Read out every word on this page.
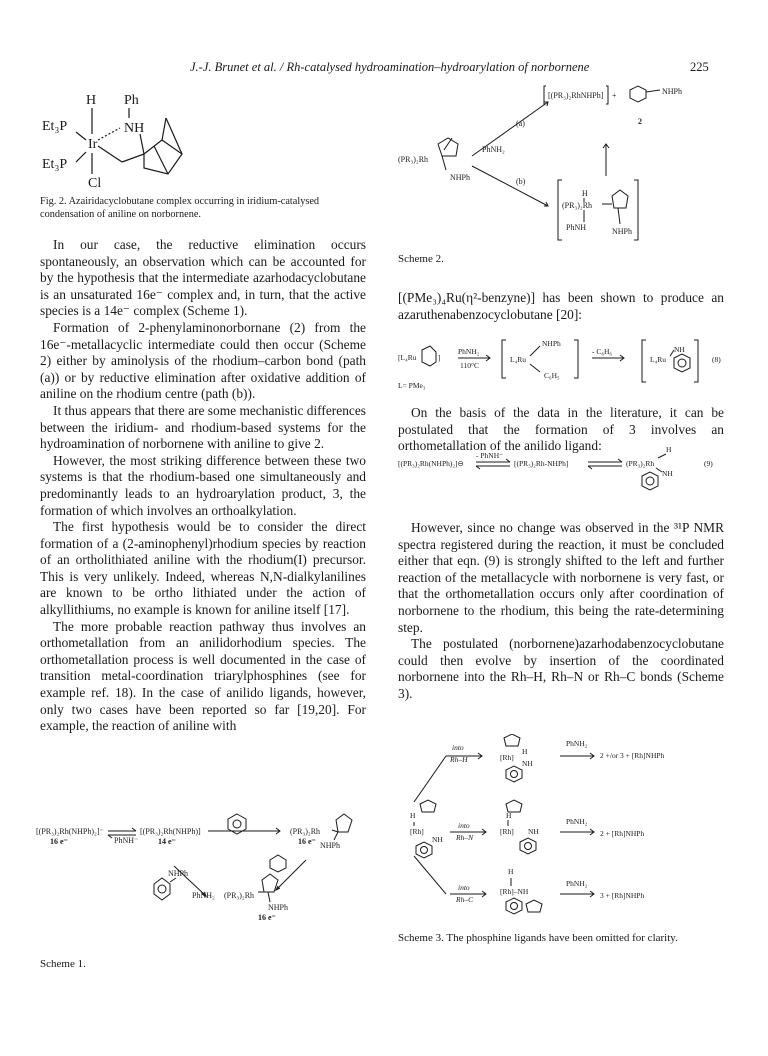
J.-J. Brunet et al. / Rh-catalysed hydroamination–hydroarylation of norbornene	225
H Ph
Et₃P	NH
Ir
Et₃P
Cl
Fig. 2. Azairidacyclobutane complex occurring in iridium-catalysed condensation of aniline on norbornene.

In our case, the reductive elimination occurs spontaneously, an observation which can be accounted for by the hypothesis that the intermediate azarhodacyclobutane is an unsaturated 16e⁻ complex and, in turn, that the active species is a 14e⁻ complex (Scheme 1).

Formation of 2-phenylaminonorbornane (2) from the 16e⁻-metallacyclic intermediate could then occur (Scheme 2) either by aminolysis of the rhodium–carbon bond (path (a)) or by reductive elimination after oxidative addition of aniline on the rhodium centre (path (b)).

It thus appears that there are some mechanistic differences between the iridium- and rhodium-based systems for the hydroamination of norbornene with aniline to give 2.

However, the most striking difference between these two systems is that the rhodium-based one simultaneously and predominantly leads to an hydroarylation product, 3, the formation of which involves an orthoalkylation.

The first hypothesis would be to consider the direct formation of a (2-aminophenyl)rhodium species by reaction of an ortholithiated aniline with the rhodium(I) precursor. This is very unlikely. Indeed, whereas N,N-dialkylanilines are known to be ortho lithiated under the action of alkyllithiums, no example is known for aniline itself [17].

The more probable reaction pathway thus involves an orthometallation from an anilidorhodium species. The orthometallation process is well documented in the case of transition metal-coordination triarylphosphines (see for example ref. 18). In the case of anilido ligands, however, only two cases have been reported so far [19,20]. For example, the reaction of aniline with

[(PR₃)₂Rh(NHPh)₂]⁻
16 e⁻	PhNH⁻
[(PR₃)₂Rh(NHPh)]
14 e⁻
(PR₃)₂Rh
NHPh
16 e⁻
NHPh
PhNH₂ (PR₃)₂Rh
NHPh
16 e⁻
Scheme 1.
(PR₃)₂Rh
NHPh
PhNH₂
(a)
(b)
[(PR₃)₂RhNHPh] +	NHPh
2
H
(PR₃)₂Rh
PhNH	NHPh
Scheme 2.

[(PMe₃)₄Ru(η²-benzyne)] has been shown to produce an azaruthenabenzocyclobutane [20]:

[L₄Ru	]
PhNH₂
110°C
L₄Ru
NHPh
C₆H₅
- C₆H₆
L₄Ru
NH
(8)
L= PMe₃

On the basis of the data in the literature, it can be postulated that the formation of 3 involves an orthometallation of the anilido ligand:

[(PR₃)₂Rh(NHPh)₂]⊖
- PhNH⁻
[(PR₃)₂Rh-NHPh]	(PR₃)₂Rh
H
NH
(9)

However, since no change was observed in the ³¹P NMR spectra registered during the reaction, it must be concluded either that eqn. (9) is strongly shifted to the left and further reaction of the metallacycle with norbornene is very fast, or that the orthometallation occurs only after coordination of norbornene to the rhodium, this being the rate-determining step.

The postulated (norbornene)azarhodabenzocyclobutane could then evolve by insertion of the coordinated norbornene into the Rh–H, Rh–N or Rh–C bonds (Scheme 3).

into
Rh–H	[Rh]
H
NH
PhNH₂
2 +/or 3 + [Rh]NHPh
H
[Rh]
NH
into
Rh–N
H
[Rh] NH
PhNH₂
2 + [Rh]NHPh
into
Rh–C
H
[Rh]–NH
PhNH₂
3 + [Rh]NHPh
Scheme 3. The phosphine ligands have been omitted for clarity.
